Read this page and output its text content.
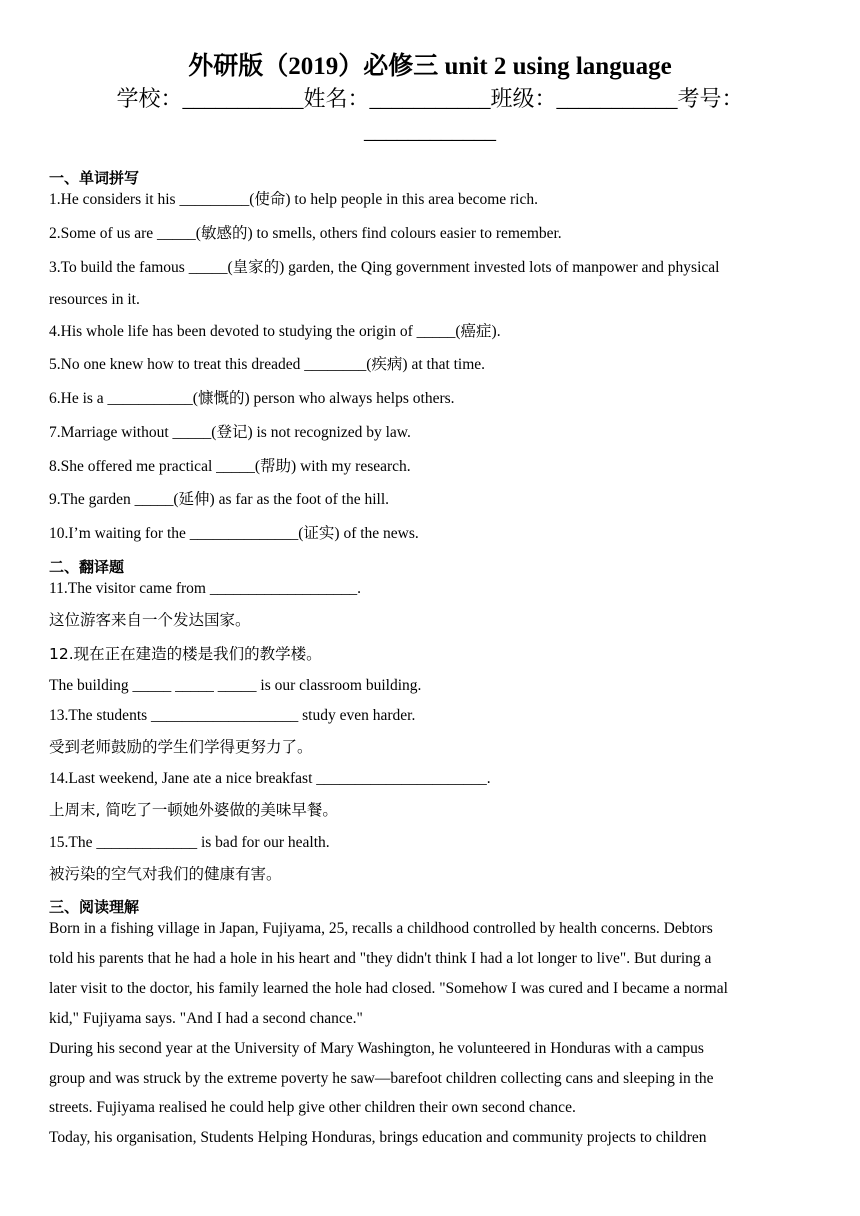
外研版（2019）必修三 unit 2 using language
学校：___________姓名：___________班级：___________考号：
____________
一、单词拼写
1.He considers it his _________(使命) to help people in this area become rich.
2.Some of us are _____(敏感的) to smells, others find colours easier to remember.
3.To build the famous _____(皇家的) garden, the Qing government invested lots of manpower and physical
resources in it.
4.His whole life has been devoted to studying the origin of _____(癌症).
5.No one knew how to treat this dreaded ________(疾病) at that time.
6.He is a ___________(慷慨的) person who always helps others.
7.Marriage without _____(登记) is not recognized by law.
8.She offered me practical _____(帮助) with my research.
9.The garden _____(延伸) as far as the foot of the hill.
10.I’m waiting for the ______________(证实) of the news.
二、翻译题
11.The visitor came from ___________________.
这位游客来自一个发达国家。
12.现在正在建造的楼是我们的教学楼。
The building _____ _____ _____ is our classroom building.
13.The students ___________________ study even harder.
受到老师鼓励的学生们学得更努力了。
14.Last weekend, Jane ate a nice breakfast ______________________.
上周末, 简吃了一顿她外婆做的美味早餐。
15.The _____________ is bad for our health.
被污染的空气对我们的健康有害。
三、阅读理解
Born in a fishing village in Japan, Fujiyama, 25, recalls a childhood controlled by health concerns. Debtors
told his parents that he had a hole in his heart and "they didn't think I had a lot longer to live". But during a
later visit to the doctor, his family learned the hole had closed. "Somehow I was cured and I became a normal
kid," Fujiyama says. "And I had a second chance."
During his second year at the University of Mary Washington, he volunteered in Honduras with a campus
group and was struck by the extreme poverty he saw—barefoot children collecting cans and sleeping in the
streets. Fujiyama realised he could help give other children their own second chance.
Today, his organisation, Students Helping Honduras, brings education and community projects to children
